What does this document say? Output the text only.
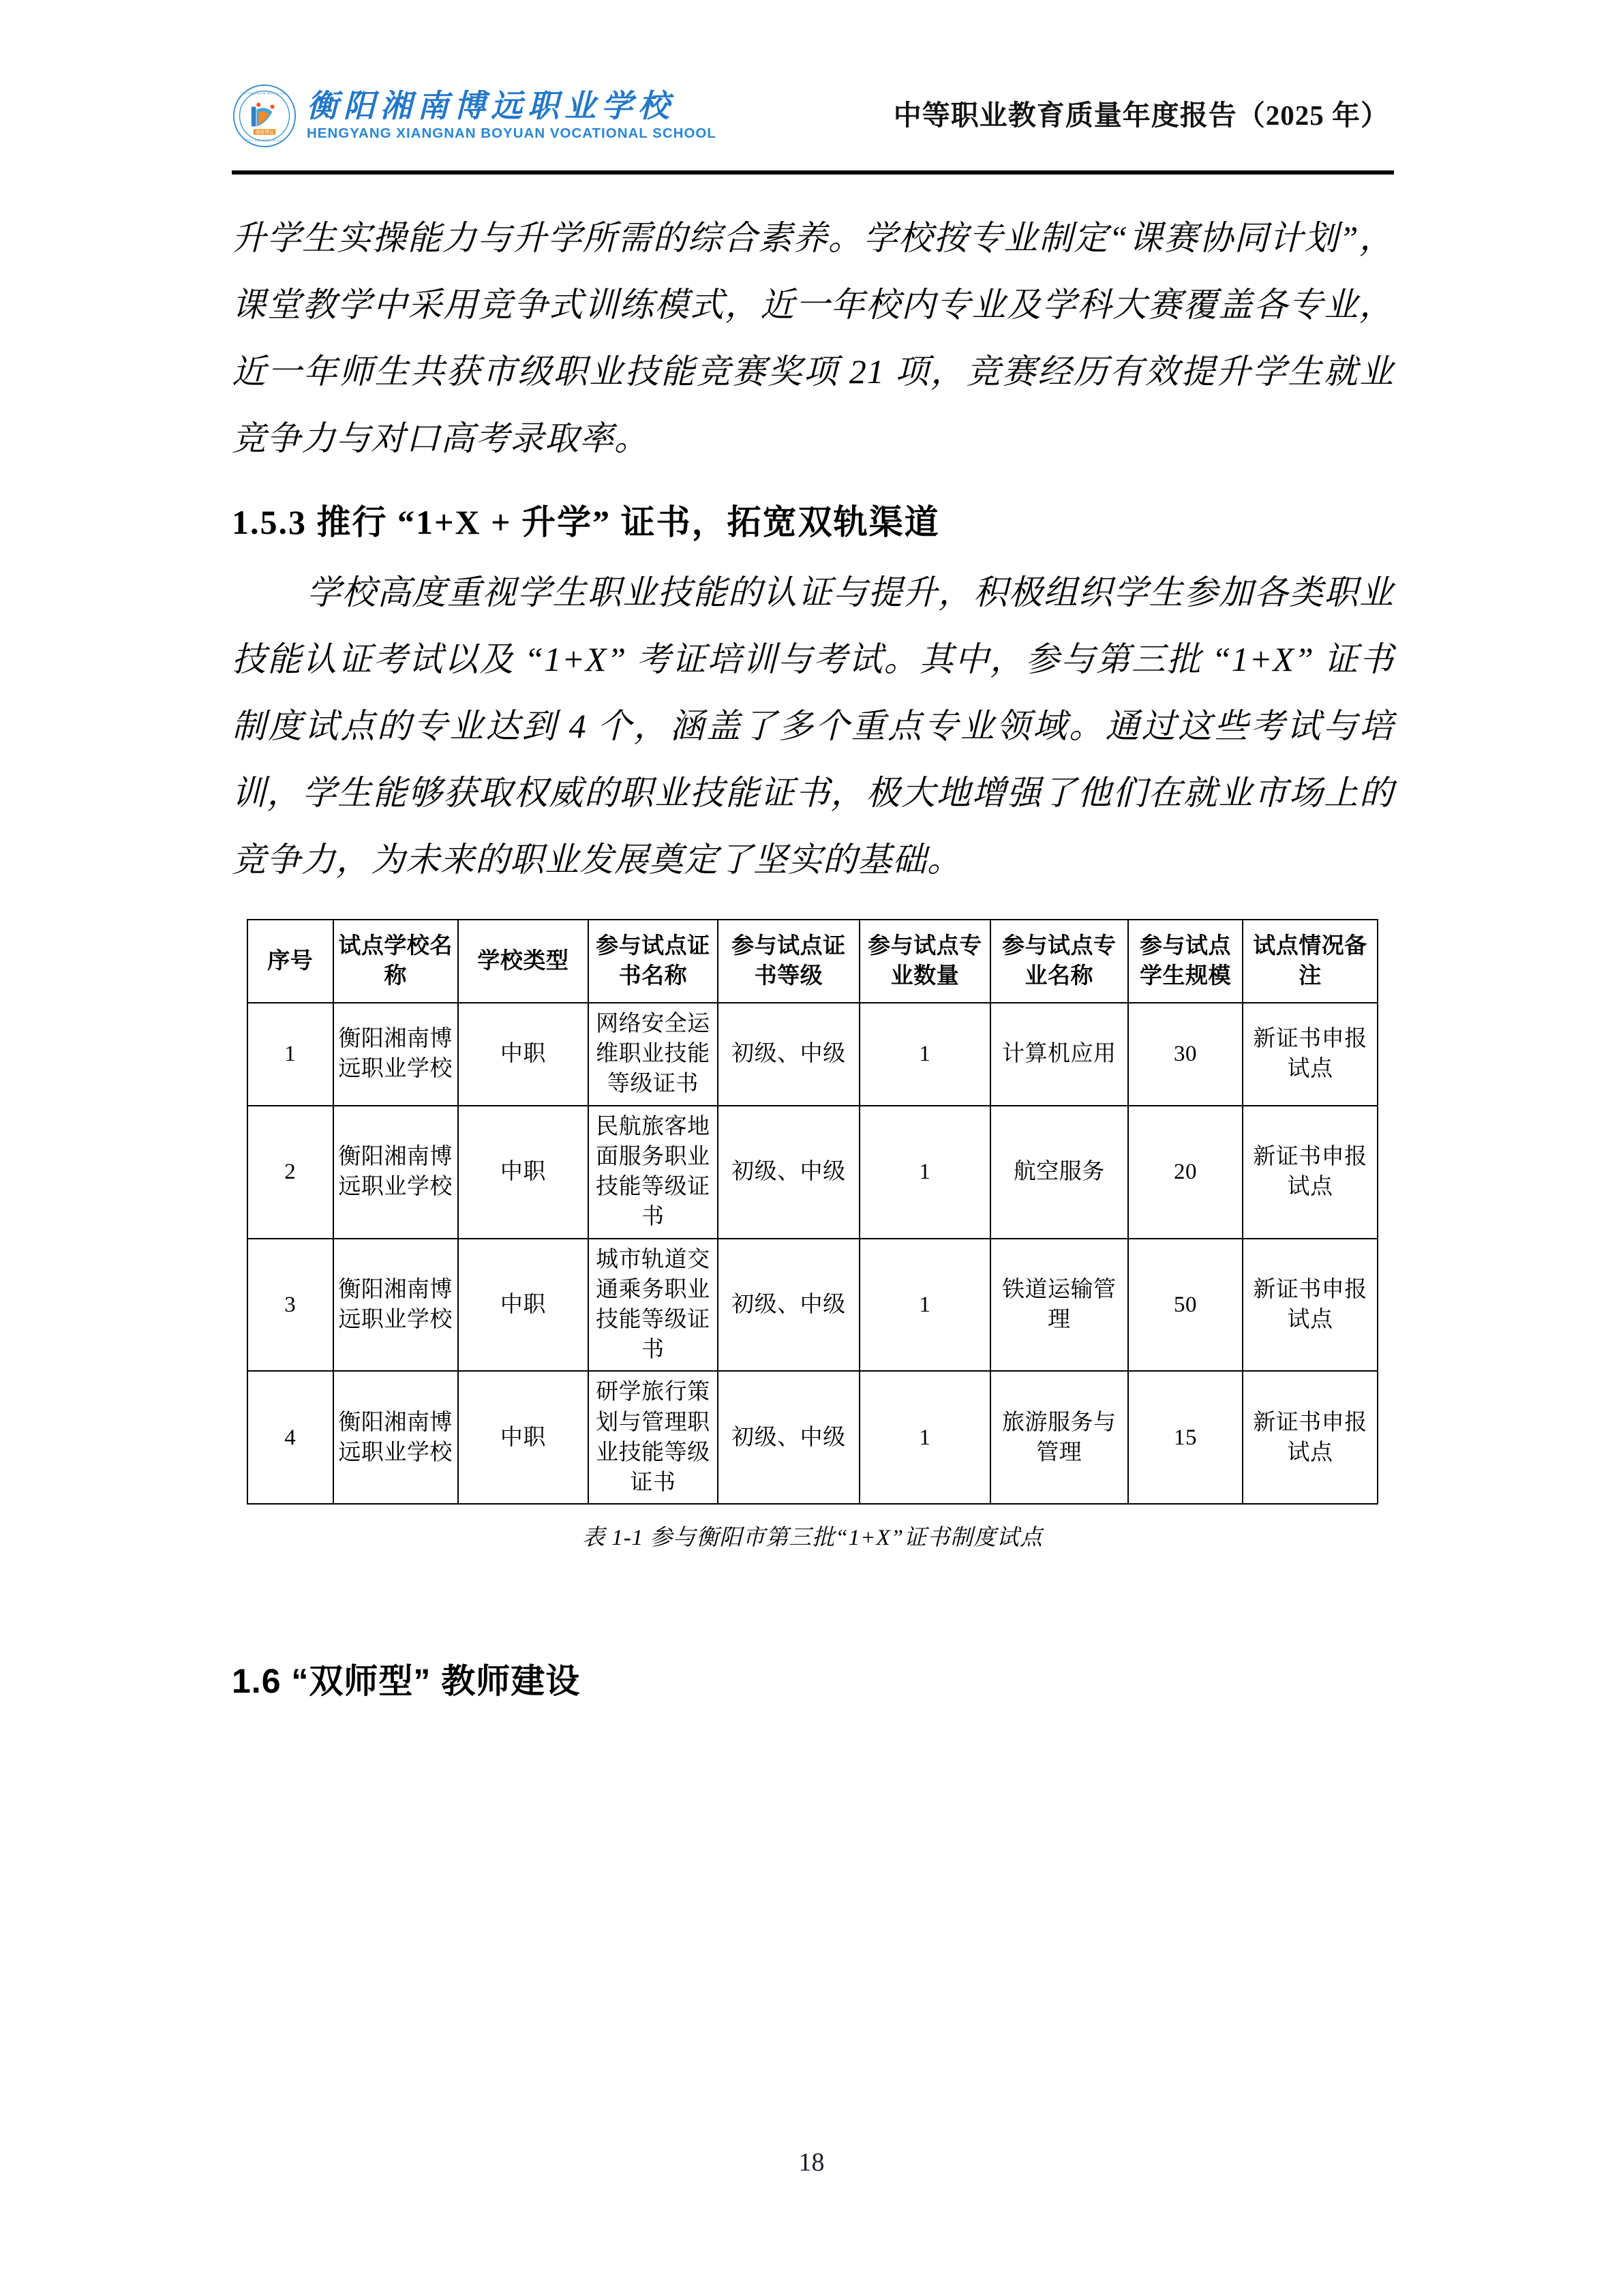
湘南博远
XIANGNAN BOYUAN
ZHI YE XUE XIAO
衡阳湘南博远职业学校
HENGYANG XIANGNAN BOYUAN VOCATIONAL SCHOOL
中等职业教育质量年度报告（2025 年）

升学生实操能力与升学所需的综合素养。学校按专业制定“课赛协同计划”，课堂教学中采用竞争式训练模式，近一年校内专业及学科大赛覆盖各专业，近一年师生共获市级职业技能竞赛奖项 21 项，竞赛经历有效提升学生就业竞争力与对口高考录取率。

1.5.3 推行 “1+X + 升学” 证书，拓宽双轨渠道

学校高度重视学生职业技能的认证与提升，积极组织学生参加各类职业技能认证考试以及 “1+X” 考证培训与考试。其中，参与第三批 “1+X” 证书制度试点的专业达到 4 个，涵盖了多个重点专业领域。通过这些考试与培训，学生能够获取权威的职业技能证书，极大地增强了他们在就业市场上的竞争力，为未来的职业发展奠定了坚实的基础。

序号	试点学校名称	学校类型	参与试点证书名称	参与试点证书等级	参与试点专业数量	参与试点专业名称	参与试点学生规模	试点情况备注
1	衡阳湘南博远职业学校	中职	网络安全运维职业技能等级证书	初级、中级	1	计算机应用	30	新证书申报试点
2	衡阳湘南博远职业学校	中职	民航旅客地面服务职业技能等级证书	初级、中级	1	航空服务	20	新证书申报试点
3	衡阳湘南博远职业学校	中职	城市轨道交通乘务职业技能等级证书	初级、中级	1	铁道运输管理	50	新证书申报试点
4	衡阳湘南博远职业学校	中职	研学旅行策划与管理职业技能等级证书	初级、中级	1	旅游服务与管理	15	新证书申报试点
表 1-1 参与衡阳市第三批“1+X”证书制度试点
1.6 “双师型” 教师建设
18
